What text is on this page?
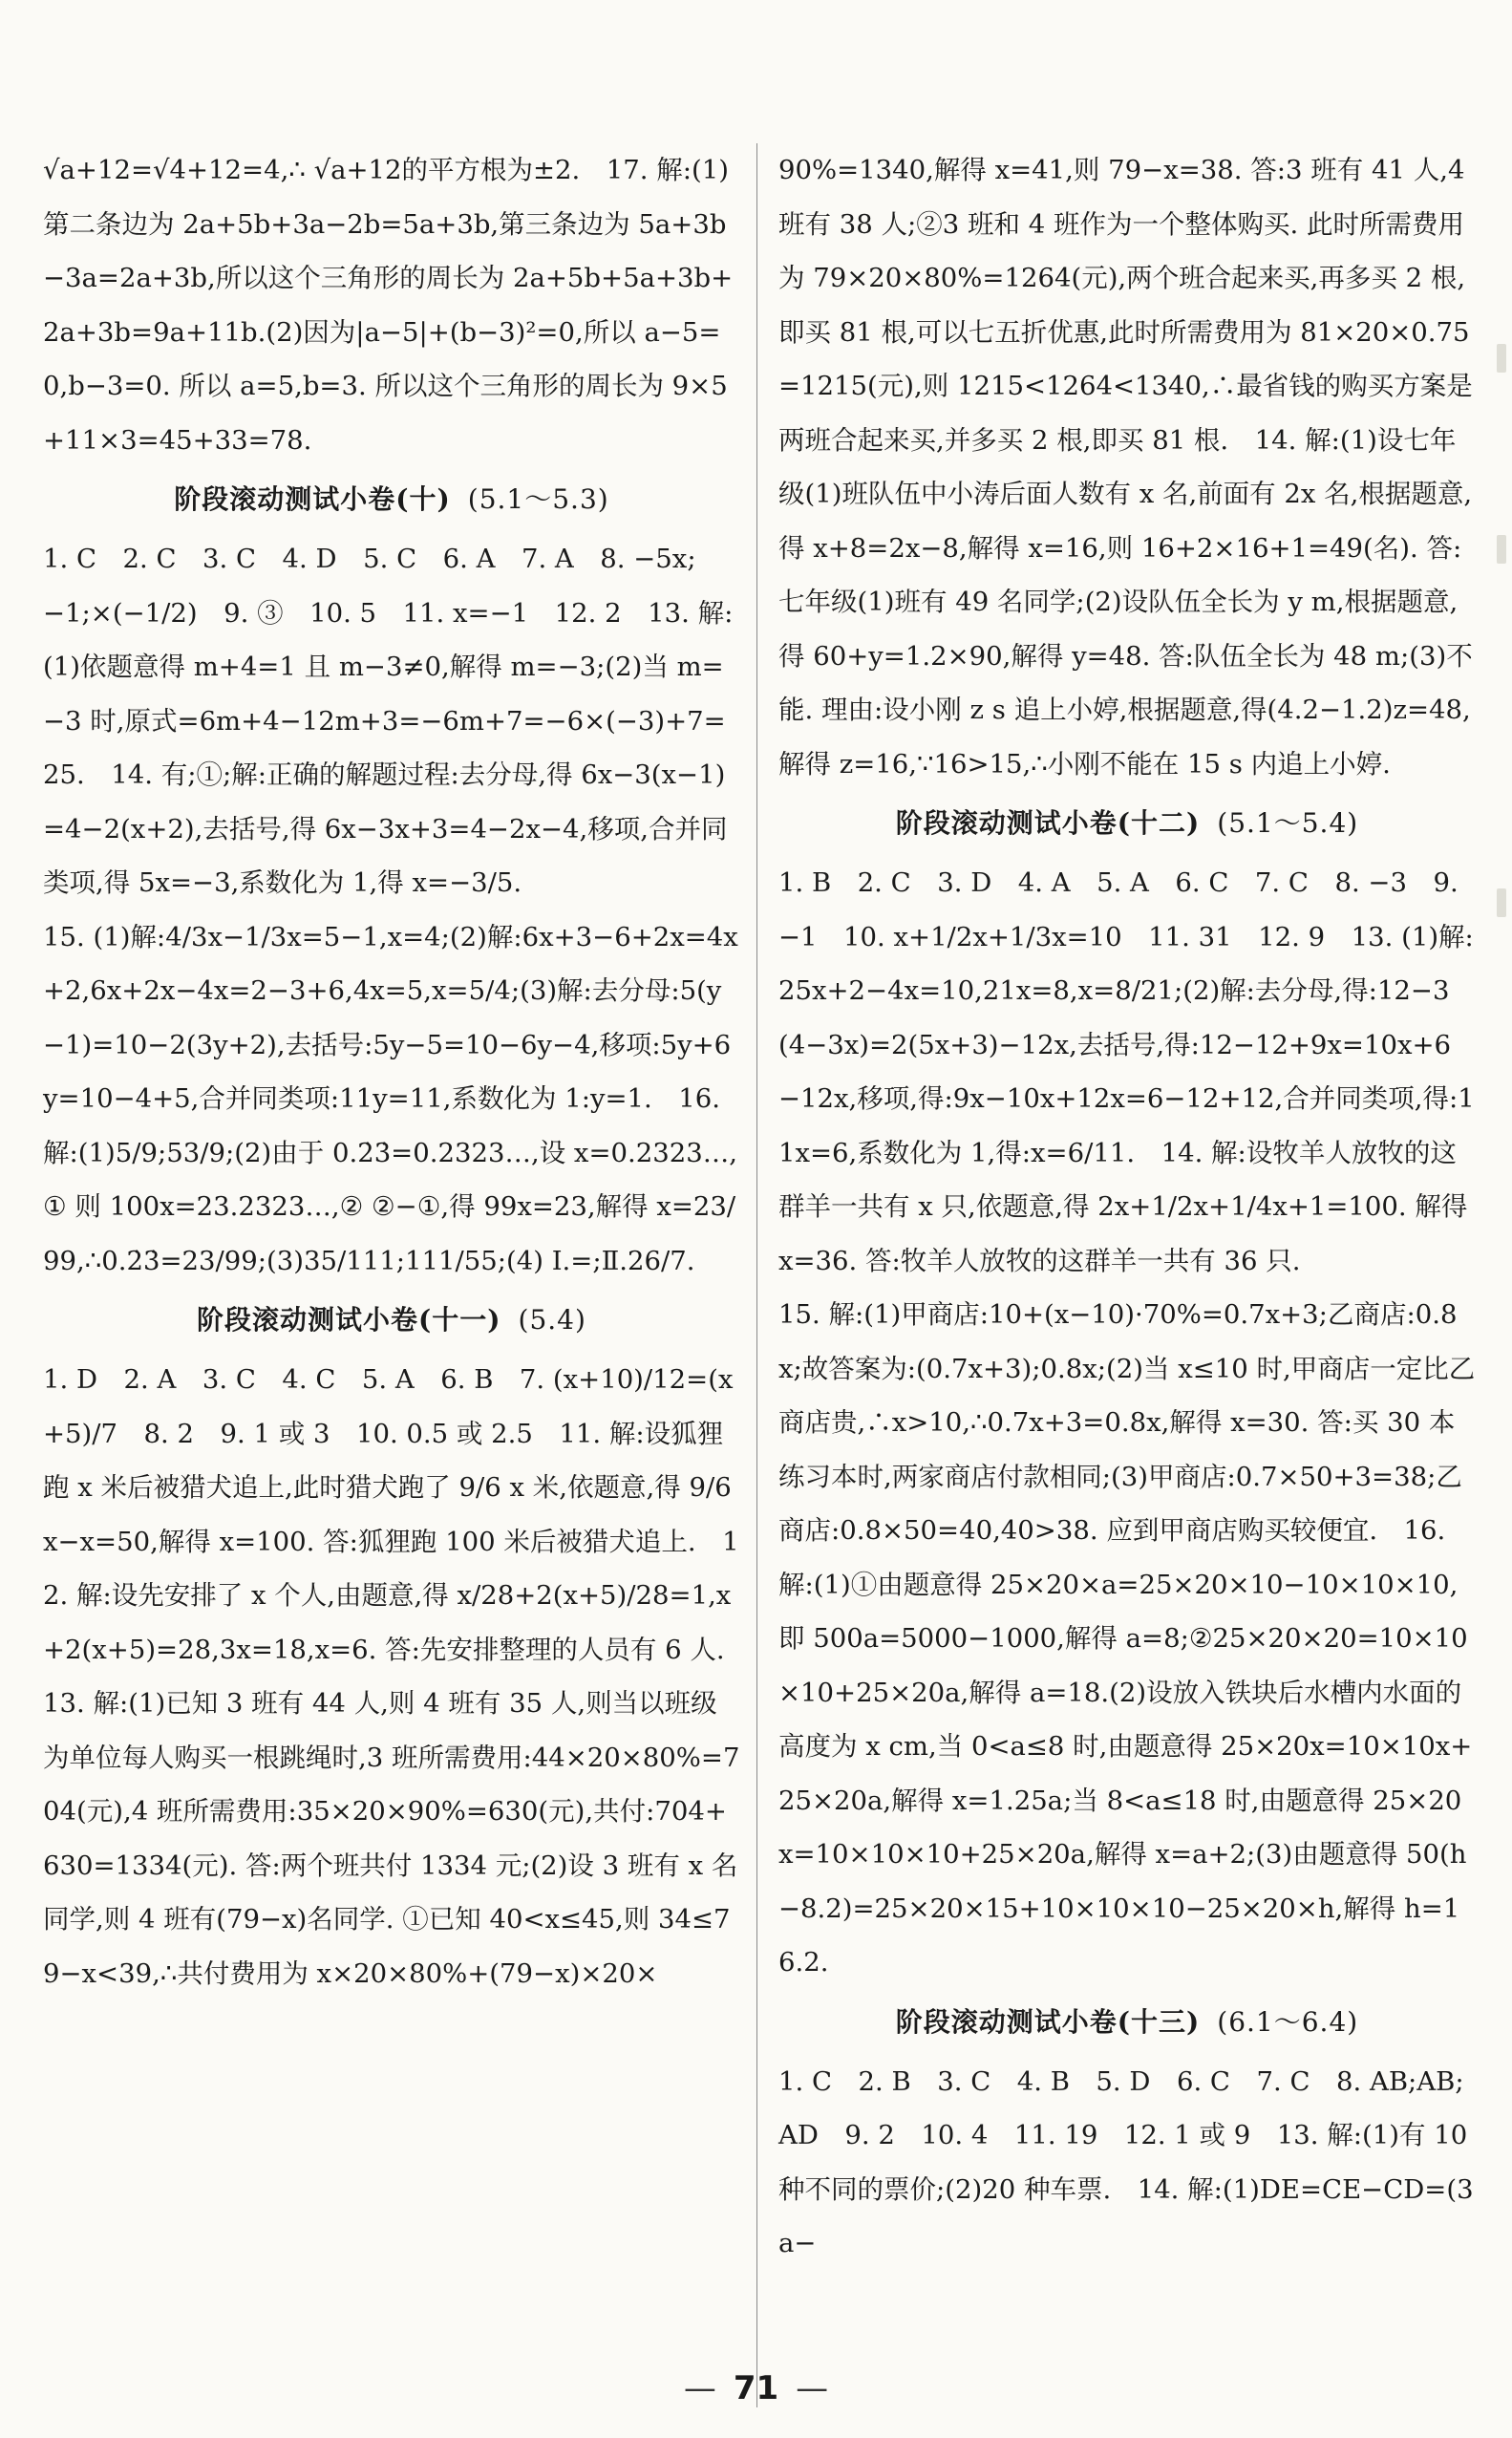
√a+12=√4+12=4,∴ √a+12的平方根为±2.　17. 解:(1)第二条边为 2a+5b+3a−2b=5a+3b,第三条边为 5a+3b−3a=2a+3b,所以这个三角形的周长为 2a+5b+5a+3b+2a+3b=9a+11b.(2)因为|a−5|+(b−3)²=0,所以 a−5=0,b−3=0. 所以 a=5,b=3. 所以这个三角形的周长为 9×5+11×3=45+33=78.

阶段滚动测试小卷(十) (5.1～5.3)

1. C　2. C　3. C　4. D　5. C　6. A　7. A　8. −5x;−1;×(−1/2)　9. ③　10. 5　11. x=−1　12. 2　13. 解:(1)依题意得 m+4=1 且 m−3≠0,解得 m=−3;(2)当 m=−3 时,原式=6m+4−12m+3=−6m+7=−6×(−3)+7=25.　14. 有;①;解:正确的解题过程:去分母,得 6x−3(x−1)=4−2(x+2),去括号,得 6x−3x+3=4−2x−4,移项,合并同类项,得 5x=−3,系数化为 1,得 x=−3/5.

15. (1)解:4/3x−1/3x=5−1,x=4;(2)解:6x+3−6+2x=4x+2,6x+2x−4x=2−3+6,4x=5,x=5/4;(3)解:去分母:5(y−1)=10−2(3y+2),去括号:5y−5=10−6y−4,移项:5y+6y=10−4+5,合并同类项:11y=11,系数化为 1:y=1.　16. 解:(1)5/9;53/9;(2)由于 0.2̇3̇=0.2323…,设 x=0.2323…,① 则 100x=23.2323…,② ②−①,得 99x=23,解得 x=23/99,∴0.2̇3̇=23/99;(3)35/111;111/55;(4) Ⅰ.=;Ⅱ.26/7.

阶段滚动测试小卷(十一) (5.4)

1. D　2. A　3. C　4. C　5. A　6. B　7. (x+10)/12=(x+5)/7　8. 2　9. 1 或 3　10. 0.5 或 2.5　11. 解:设狐狸跑 x 米后被猎犬追上,此时猎犬跑了 9/6 x 米,依题意,得 9/6 x−x=50,解得 x=100. 答:狐狸跑 100 米后被猎犬追上.　12. 解:设先安排了 x 个人,由题意,得 x/28+2(x+5)/28=1,x+2(x+5)=28,3x=18,x=6. 答:先安排整理的人员有 6 人.　13. 解:(1)已知 3 班有 44 人,则 4 班有 35 人,则当以班级为单位每人购买一根跳绳时,3 班所需费用:44×20×80%=704(元),4 班所需费用:35×20×90%=630(元),共付:704+630=1334(元). 答:两个班共付 1334 元;(2)设 3 班有 x 名同学,则 4 班有(79−x)名同学. ①已知 40<x≤45,则 34≤79−x<39,∴共付费用为 x×20×80%+(79−x)×20×

90%=1340,解得 x=41,则 79−x=38. 答:3 班有 41 人,4 班有 38 人;②3 班和 4 班作为一个整体购买. 此时所需费用为 79×20×80%=1264(元),两个班合起来买,再多买 2 根,即买 81 根,可以七五折优惠,此时所需费用为 81×20×0.75=1215(元),则 1215<1264<1340,∴最省钱的购买方案是两班合起来买,并多买 2 根,即买 81 根.　14. 解:(1)设七年级(1)班队伍中小涛后面人数有 x 名,前面有 2x 名,根据题意,得 x+8=2x−8,解得 x=16,则 16+2×16+1=49(名). 答:七年级(1)班有 49 名同学;(2)设队伍全长为 y m,根据题意,得 60+y=1.2×90,解得 y=48. 答:队伍全长为 48 m;(3)不能. 理由:设小刚 z s 追上小婷,根据题意,得(4.2−1.2)z=48,解得 z=16,∵16>15,∴小刚不能在 15 s 内追上小婷.

阶段滚动测试小卷(十二) (5.1～5.4)

1. B　2. C　3. D　4. A　5. A　6. C　7. C　8. −3　9. −1　10. x+1/2x+1/3x=10　11. 31　12. 9　13. (1)解:25x+2−4x=10,21x=8,x=8/21;(2)解:去分母,得:12−3(4−3x)=2(5x+3)−12x,去括号,得:12−12+9x=10x+6−12x,移项,得:9x−10x+12x=6−12+12,合并同类项,得:11x=6,系数化为 1,得:x=6/11.　14. 解:设牧羊人放牧的这群羊一共有 x 只,依题意,得 2x+1/2x+1/4x+1=100. 解得 x=36. 答:牧羊人放牧的这群羊一共有 36 只.

15. 解:(1)甲商店:10+(x−10)·70%=0.7x+3;乙商店:0.8x;故答案为:(0.7x+3);0.8x;(2)当 x≤10 时,甲商店一定比乙商店贵,∴x>10,∴0.7x+3=0.8x,解得 x=30. 答:买 30 本练习本时,两家商店付款相同;(3)甲商店:0.7×50+3=38;乙商店:0.8×50=40,40>38. 应到甲商店购买较便宜.　16. 解:(1)①由题意得 25×20×a=25×20×10−10×10×10,即 500a=5000−1000,解得 a=8;②25×20×20=10×10×10+25×20a,解得 a=18.(2)设放入铁块后水槽内水面的高度为 x cm,当 0<a≤8 时,由题意得 25×20x=10×10x+25×20a,解得 x=1.25a;当 8<a≤18 时,由题意得 25×20x=10×10×10+25×20a,解得 x=a+2;(3)由题意得 50(h−8.2)=25×20×15+10×10×10−25×20×h,解得 h=16.2.

阶段滚动测试小卷(十三) (6.1～6.4)

1. C　2. B　3. C　4. B　5. D　6. C　7. C　8. AB;AB;AD　9. 2　10. 4　11. 19　12. 1 或 9　13. 解:(1)有 10 种不同的票价;(2)20 种车票.　14. 解:(1)DE=CE−CD=(3a−

— 71 —
